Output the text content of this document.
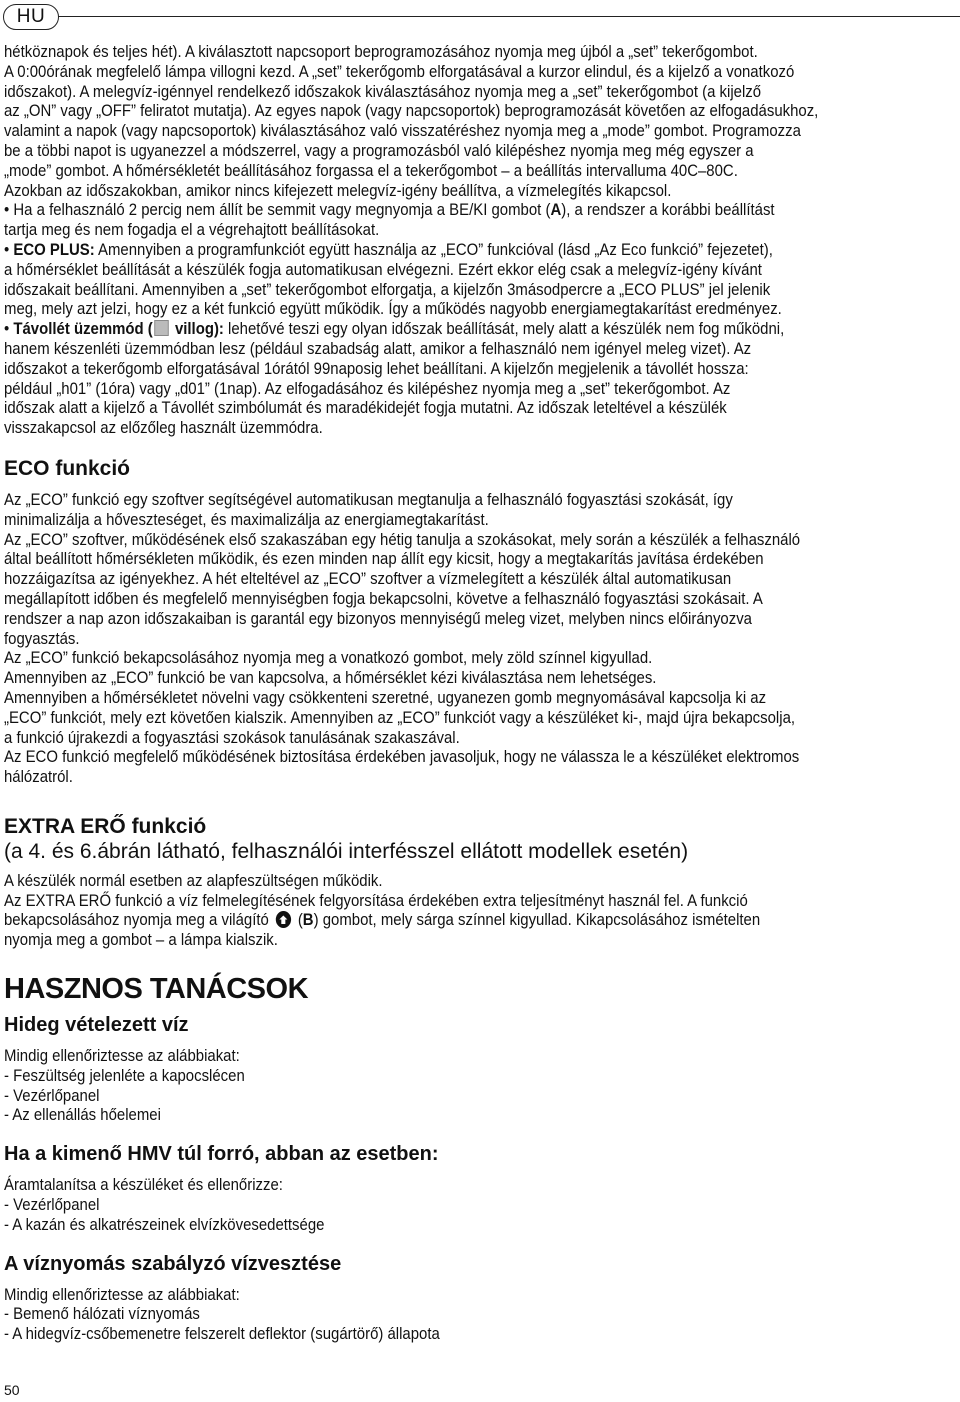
HU

hétköznapok és teljes hét). A kiválasztott napcsoport beprogramozásához nyomja meg újból a „set” tekerőgombot.

A 0:00órának megfelelő lámpa villogni kezd. A „set” tekerőgomb elforgatásával a kurzor elindul, és a kijelző a vonatkozó

időszakot). A melegvíz-igénnyel rendelkező időszakok kiválasztásához nyomja meg a „set” tekerőgombot (a kijelző

az „ON” vagy „OFF” feliratot mutatja). Az egyes napok (vagy napcsoportok) beprogramozását követően az elfogadásukhoz,

valamint a napok (vagy napcsoportok) kiválasztásához való visszatéréshez nyomja meg a „mode” gombot. Programozza

be a többi napot is ugyanezzel a módszerrel, vagy a programozásból való kilépéshez nyomja meg még egyszer a

„mode” gombot. A hőmérsékletét beállításához forgassa el a tekerőgombot – a beállítás intervalluma 40C–80C.

Azokban az időszakokban, amikor nincs kifejezett melegvíz-igény beállítva, a vízmelegítés kikapcsol.

• Ha a felhasználó 2 percig nem állít be semmit vagy megnyomja a BE/KI gombot (A), a rendszer a korábbi beállítást

tartja meg és nem fogadja el a végrehajtott beállításokat.

• ECO PLUS: Amennyiben a programfunkciót együtt használja az „ECO” funkcióval (lásd „Az Eco funkció” fejezetet),

a hőmérséklet beállítását a készülék fogja automatikusan elvégezni. Ezért ekkor elég csak a melegvíz-igény kívánt

időszakait beállítani. Amennyiben a „set” tekerőgombot elforgatja, a kijelzőn 3másodpercre a „ECO PLUS” jel jelenik

meg, mely azt jelzi, hogy ez a két funkció együtt működik. Így a működés nagyobb energiamegtakarítást eredményez.

• Távollét üzemmód ( villog): lehetővé teszi egy olyan időszak beállítását, mely alatt a készülék nem fog működni,

hanem készenléti üzemmódban lesz (például szabadság alatt, amikor a felhasználó nem igényel meleg vizet). Az

időszakot a tekerőgomb elforgatásával 1órától 99naposig lehet beállítani. A kijelzőn megjelenik a távollét hossza:

például „h01” (1óra) vagy „d01” (1nap). Az elfogadásához és kilépéshez nyomja meg a „set” tekerőgombot. Az

időszak alatt a kijelző a Távollét szimbólumát és maradékidejét fogja mutatni. Az időszak leteltével a készülék

visszakapcsol az előzőleg használt üzemmódra.

ECO funkció

Az „ECO” funkció egy szoftver segítségével automatikusan megtanulja a felhasználó fogyasztási szokását, így

minimalizálja a hőveszteséget, és maximalizálja az energiamegtakarítást.

Az „ECO” szoftver, működésének első szakaszában egy hétig tanulja a szokásokat, mely során a készülék a felhasználó

által beállított hőmérsékleten működik, és ezen minden nap állít egy kicsit, hogy a megtakarítás javítása érdekében

hozzáigazítsa az igényekhez. A hét elteltével az „ECO” szoftver a vízmelegített a készülék által automatikusan

megállapított időben és megfelelő mennyiségben fogja bekapcsolni, követve a felhasználó fogyasztási szokásait. A

rendszer a nap azon időszakaiban is garantál egy bizonyos mennyiségű meleg vizet, melyben nincs előirányozva

fogyasztás.

Az „ECO” funkció bekapcsolásához nyomja meg a vonatkozó gombot, mely zöld színnel kigyullad.

Amennyiben az „ECO” funkció be van kapcsolva, a hőmérséklet kézi kiválasztása nem lehetséges.

Amennyiben a hőmérsékletet növelni vagy csökkenteni szeretné, ugyanezen gomb megnyomásával kapcsolja ki az

„ECO” funkciót, mely ezt követően kialszik. Amennyiben az „ECO” funkciót vagy a készüléket ki-, majd újra bekapcsolja,

a funkció újrakezdi a fogyasztási szokások tanulásának szakaszával.

Az ECO funkció megfelelő működésének biztosítása érdekében javasoljuk, hogy ne válassza le a készüléket elektromos

hálózatról.

EXTRA ERŐ funkció
(a 4. és 6.ábrán látható, felhasználói interfésszel ellátott modellek esetén)

A készülék normál esetben az alapfeszültségen működik.

Az EXTRA ERŐ funkció a víz felmelegítésének felgyorsítása érdekében extra teljesítményt használ fel. A funkció

bekapcsolásához nyomja meg a világító  (B) gombot, mely sárga színnel kigyullad. Kikapcsolásához ismételten

nyomja meg a gombot – a lámpa kialszik.

HASZNOS TANÁCSOK
Hideg vételezett víz

Mindig ellenőriztesse az alábbiakat:

- Feszültség jelenléte a kapocslécen

- Vezérlőpanel

- Az ellenállás hőelemei

Ha a kimenő HMV túl forró, abban az esetben:

Áramtalanítsa a készüléket és ellenőrizze:

- Vezérlőpanel

- A kazán és alkatrészeinek elvízkövesedettsége

A víznyomás szabályzó vízvesztése

Mindig ellenőriztesse az alábbiakat:

- Bemenő hálózati víznyomás

- A hidegvíz-csőbemenetre felszerelt deflektor (sugártörő) állapota

50
